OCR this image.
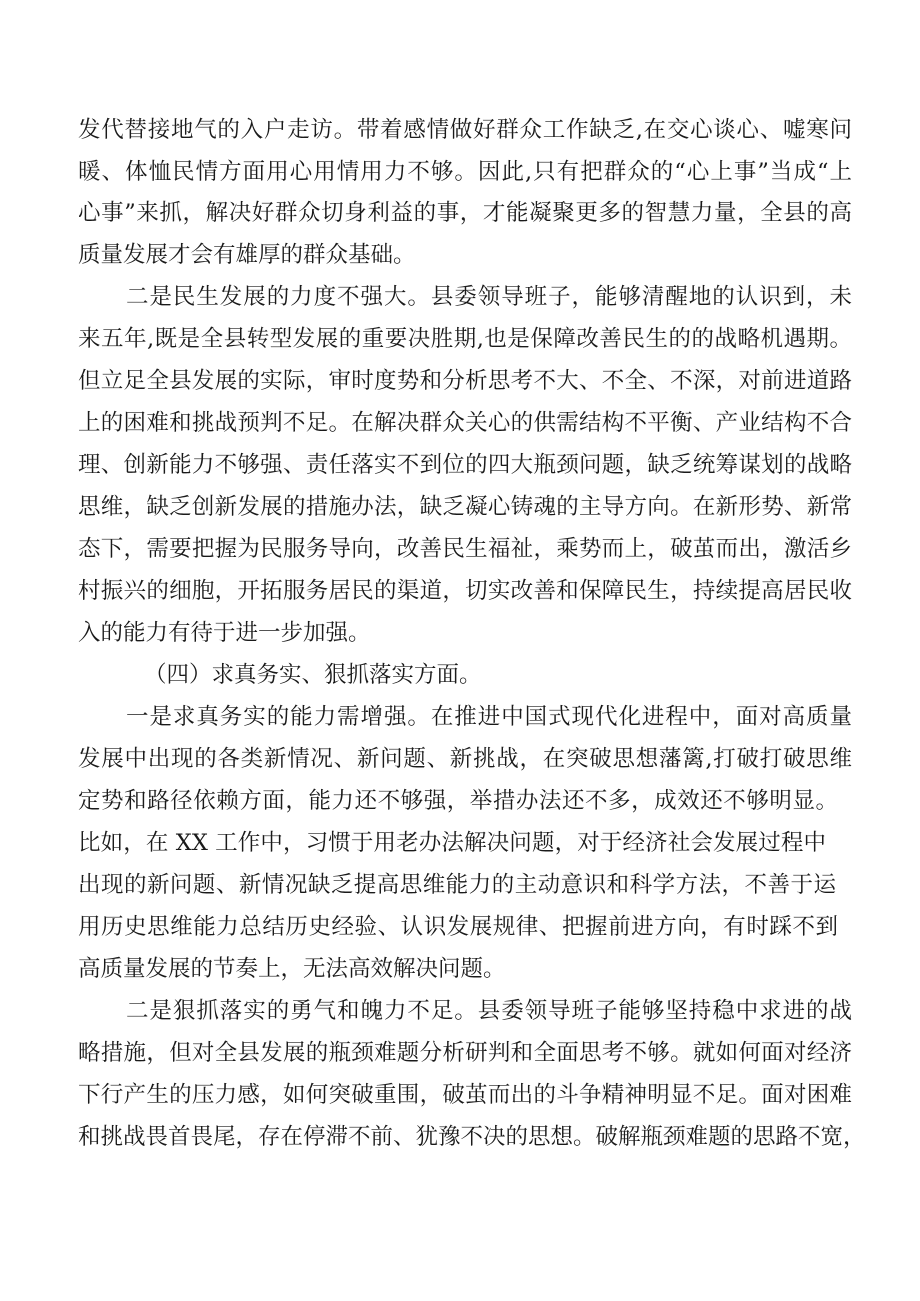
发代替接地气的入户走访。带着感情做好群众工作缺乏,在交心谈心、嘘寒问
暖、体恤民情方面用心用情用力不够。因此,只有把群众的“心上事”当成“上
心事”来抓，解决好群众切身利益的事，才能凝聚更多的智慧力量，全县的高
质量发展才会有雄厚的群众基础。
二是民生发展的力度不强大。县委领导班子，能够清醒地的认识到，未
来五年,既是全县转型发展的重要决胜期,也是保障改善民生的的战略机遇期。
但立足全县发展的实际，审时度势和分析思考不大、不全、不深，对前进道路
上的困难和挑战预判不足。在解决群众关心的供需结构不平衡、产业结构不合
理、创新能力不够强、责任落实不到位的四大瓶颈问题，缺乏统筹谋划的战略
思维，缺乏创新发展的措施办法，缺乏凝心铸魂的主导方向。在新形势、新常
态下，需要把握为民服务导向，改善民生福祉，乘势而上，破茧而出，激活乡
村振兴的细胞，开拓服务居民的渠道，切实改善和保障民生，持续提高居民收
入的能力有待于进一步加强。
（四）求真务实、狠抓落实方面。
一是求真务实的能力需增强。在推进中国式现代化进程中，面对高质量
发展中出现的各类新情况、新问题、新挑战，在突破思想藩篱,打破打破思维
定势和路径依赖方面，能力还不够强，举措办法还不多，成效还不够明显。
比如，在 XX 工作中，习惯于用老办法解决问题，对于经济社会发展过程中
出现的新问题、新情况缺乏提高思维能力的主动意识和科学方法，不善于运
用历史思维能力总结历史经验、认识发展规律、把握前进方向，有时踩不到
高质量发展的节奏上，无法高效解决问题。
二是狠抓落实的勇气和魄力不足。县委领导班子能够坚持稳中求进的战
略措施，但对全县发展的瓶颈难题分析研判和全面思考不够。就如何面对经济
下行产生的压力感，如何突破重围，破茧而出的斗争精神明显不足。面对困难
和挑战畏首畏尾，存在停滞不前、犹豫不决的思想。破解瓶颈难题的思路不宽，
